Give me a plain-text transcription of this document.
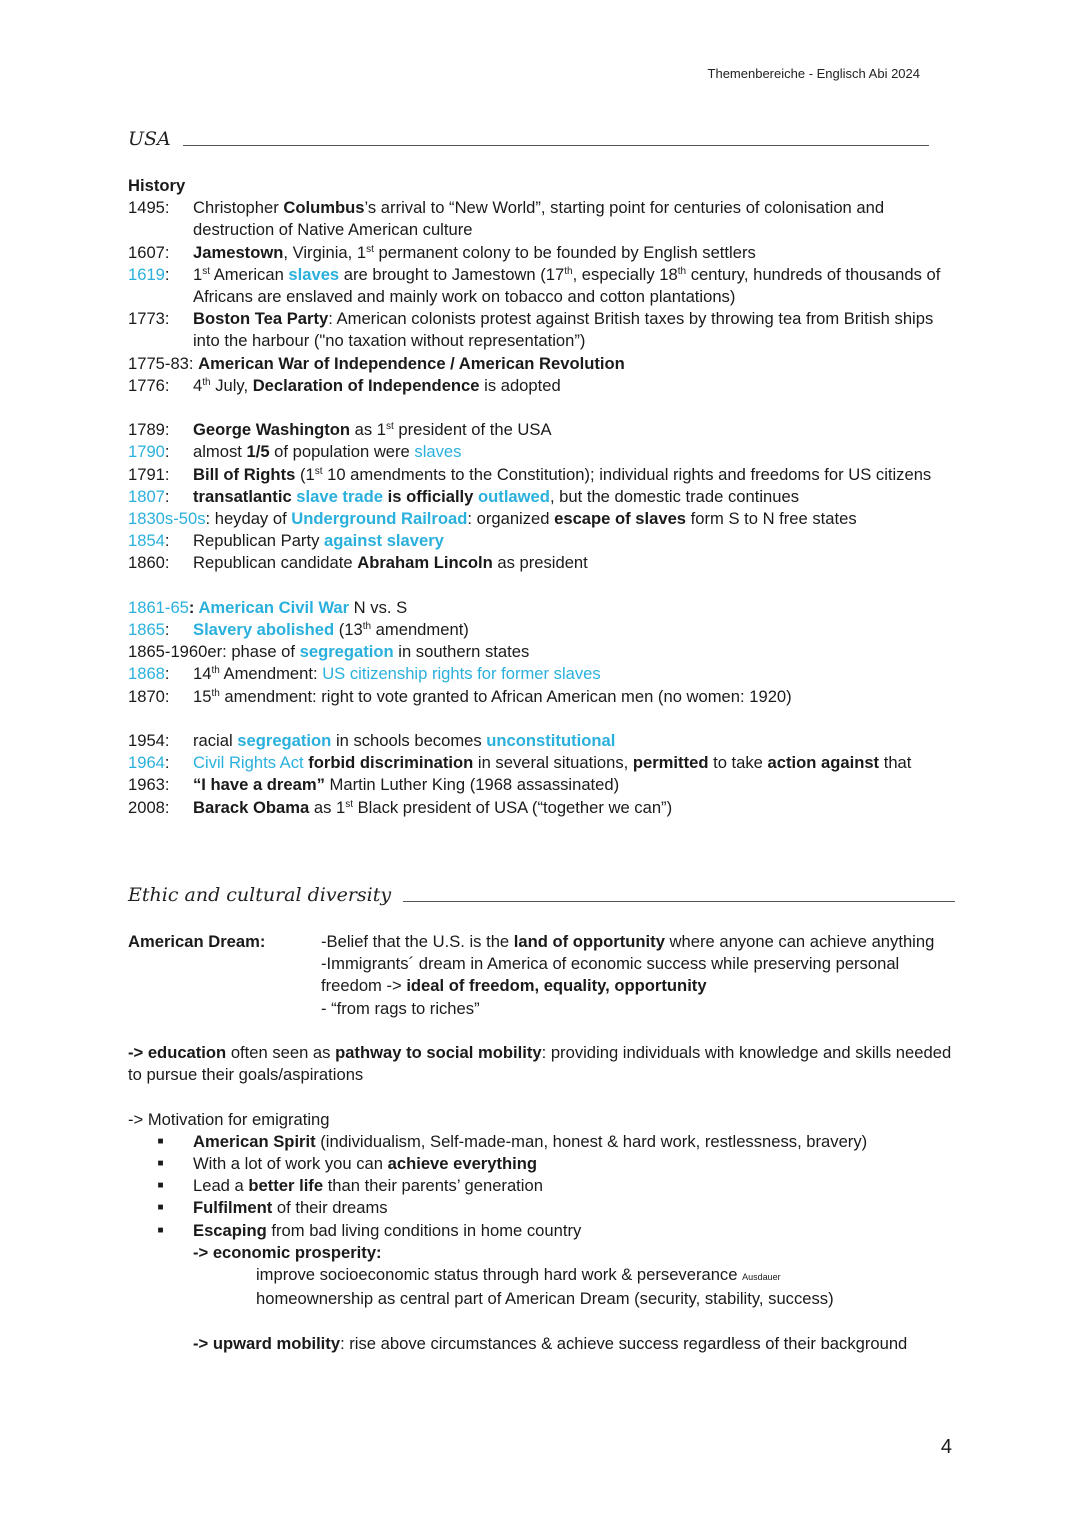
Themenbereiche - Englisch Abi 2024
USA
History
1495:	Christopher Columbus’s arrival to “New World”, starting point for centuries of colonisation and destruction of Native American culture
1607:	Jamestown, Virginia, 1st permanent colony to be founded by English settlers
1619:	1st American slaves are brought to Jamestown (17th, especially 18th century, hundreds of thousands of Africans are enslaved and mainly work on tobacco and cotton plantations)
1773:	Boston Tea Party: American colonists protest against British taxes by throwing tea from British ships into the harbour ("no taxation without representation”)
1775-83: American War of Independence / American Revolution
1776:	4th July, Declaration of Independence is adopted
1789:	George Washington as 1st president of the USA
1790:	almost 1/5 of population were slaves
1791:	Bill of Rights (1st 10 amendments to the Constitution); individual rights and freedoms for US citizens
1807:	transatlantic slave trade is officially outlawed, but the domestic trade continues
1830s-50s: heyday of Underground Railroad: organized escape of slaves form S to N free states
1854:	Republican Party against slavery
1860:	Republican candidate Abraham Lincoln as president
1861-65: American Civil War N vs. S
1865:	Slavery abolished (13th amendment)
1865-1960er: phase of segregation in southern states
1868:	14th Amendment: US citizenship rights for former slaves
1870:	15th amendment: right to vote granted to African American men (no women: 1920)
1954:	racial segregation in schools becomes unconstitutional
1964:	Civil Rights Act forbid discrimination in several situations, permitted to take action against that
1963:	“I have a dream” Martin Luther King (1968 assassinated)
2008:	Barack Obama as 1st Black president of USA (“together we can”)
Ethic and cultural diversity
American Dream:	-Belief that the U.S. is the land of opportunity where anyone can achieve anything
-Immigrants´ dream in America of economic success while preserving personal freedom -> ideal of freedom, equality, opportunity
- “from rags to riches”
-> education often seen as pathway to social mobility: providing individuals with knowledge and skills needed to pursue their goals/aspirations
-> Motivation for emigrating
■	American Spirit (individualism, Self-made-man, honest & hard work, restlessness, bravery)
■	With a lot of work you can achieve everything
■	Lead a better life than their parents’ generation
■	Fulfilment of their dreams
■	Escaping from bad living conditions in home country
-> economic prosperity:
improve socioeconomic status through hard work & perseverance Ausdauer
homeownership as central part of American Dream (security, stability, success)
-> upward mobility: rise above circumstances & achieve success regardless of their background
4
